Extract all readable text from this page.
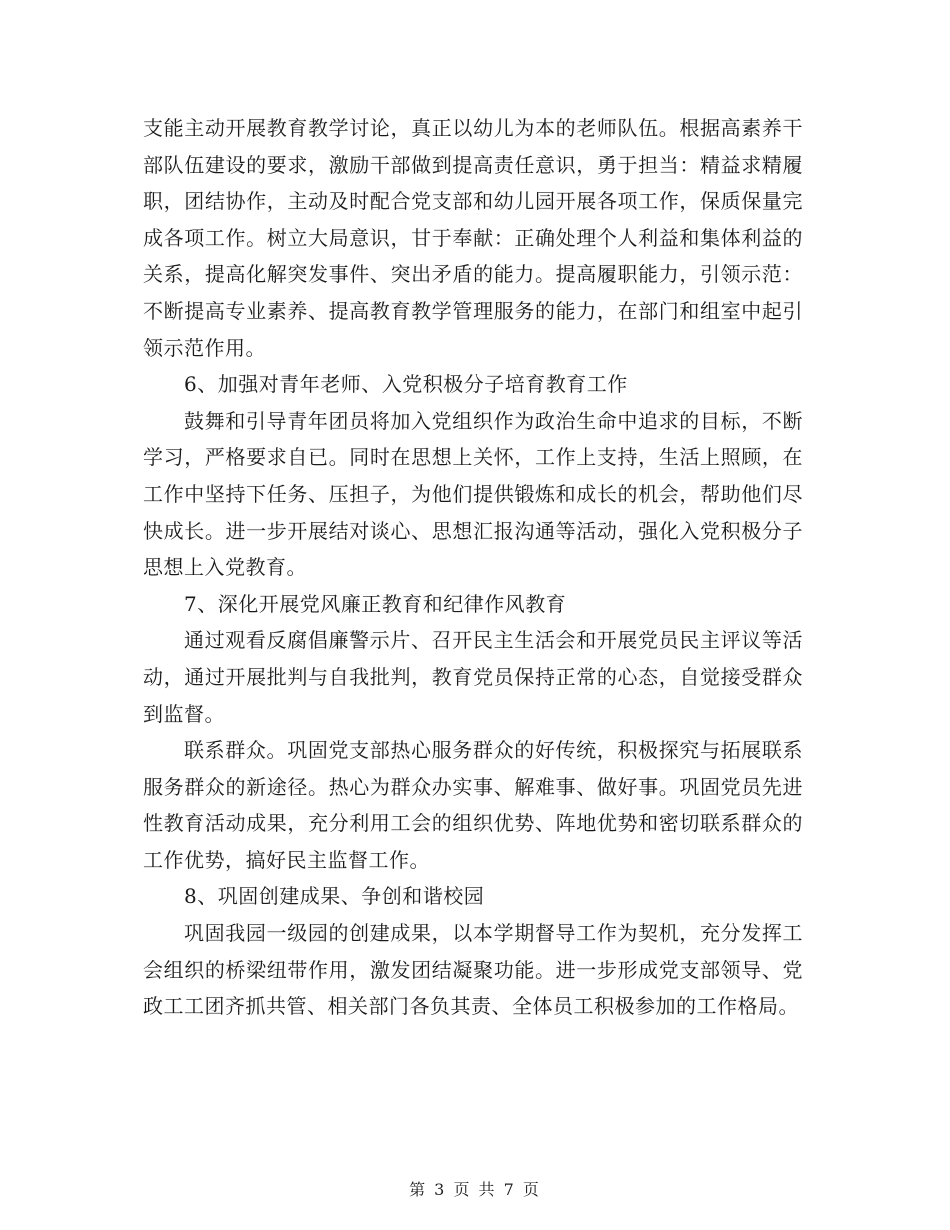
支能主动开展教育教学讨论，真正以幼儿为本的老师队伍。根据高素养干部队伍建设的要求，激励干部做到提高责任意识，勇于担当：精益求精履职，团结协作，主动及时配合党支部和幼儿园开展各项工作，保质保量完成各项工作。树立大局意识，甘于奉献：正确处理个人利益和集体利益的关系，提高化解突发事件、突出矛盾的能力。提高履职能力，引领示范：不断提高专业素养、提高教育教学管理服务的能力，在部门和组室中起引领示范作用。

6、加强对青年老师、入党积极分子培育教育工作

鼓舞和引导青年团员将加入党组织作为政治生命中追求的目标，不断学习，严格要求自已。同时在思想上关怀，工作上支持，生活上照顾，在工作中坚持下任务、压担子，为他们提供锻炼和成长的机会，帮助他们尽快成长。进一步开展结对谈心、思想汇报沟通等活动，强化入党积极分子思想上入党教育。

7、深化开展党风廉正教育和纪律作风教育

通过观看反腐倡廉警示片、召开民主生活会和开展党员民主评议等活动，通过开展批判与自我批判，教育党员保持正常的心态，自觉接受群众到监督。

联系群众。巩固党支部热心服务群众的好传统，积极探究与拓展联系服务群众的新途径。热心为群众办实事、解难事、做好事。巩固党员先进性教育活动成果，充分利用工会的组织优势、阵地优势和密切联系群众的工作优势，搞好民主监督工作。

8、巩固创建成果、争创和谐校园

巩固我园一级园的创建成果，以本学期督导工作为契机，充分发挥工会组织的桥梁纽带作用，激发团结凝聚功能。进一步形成党支部领导、党政工工团齐抓共管、相关部门各负其责、全体员工积极参加的工作格局。

第 3 页 共 7 页
